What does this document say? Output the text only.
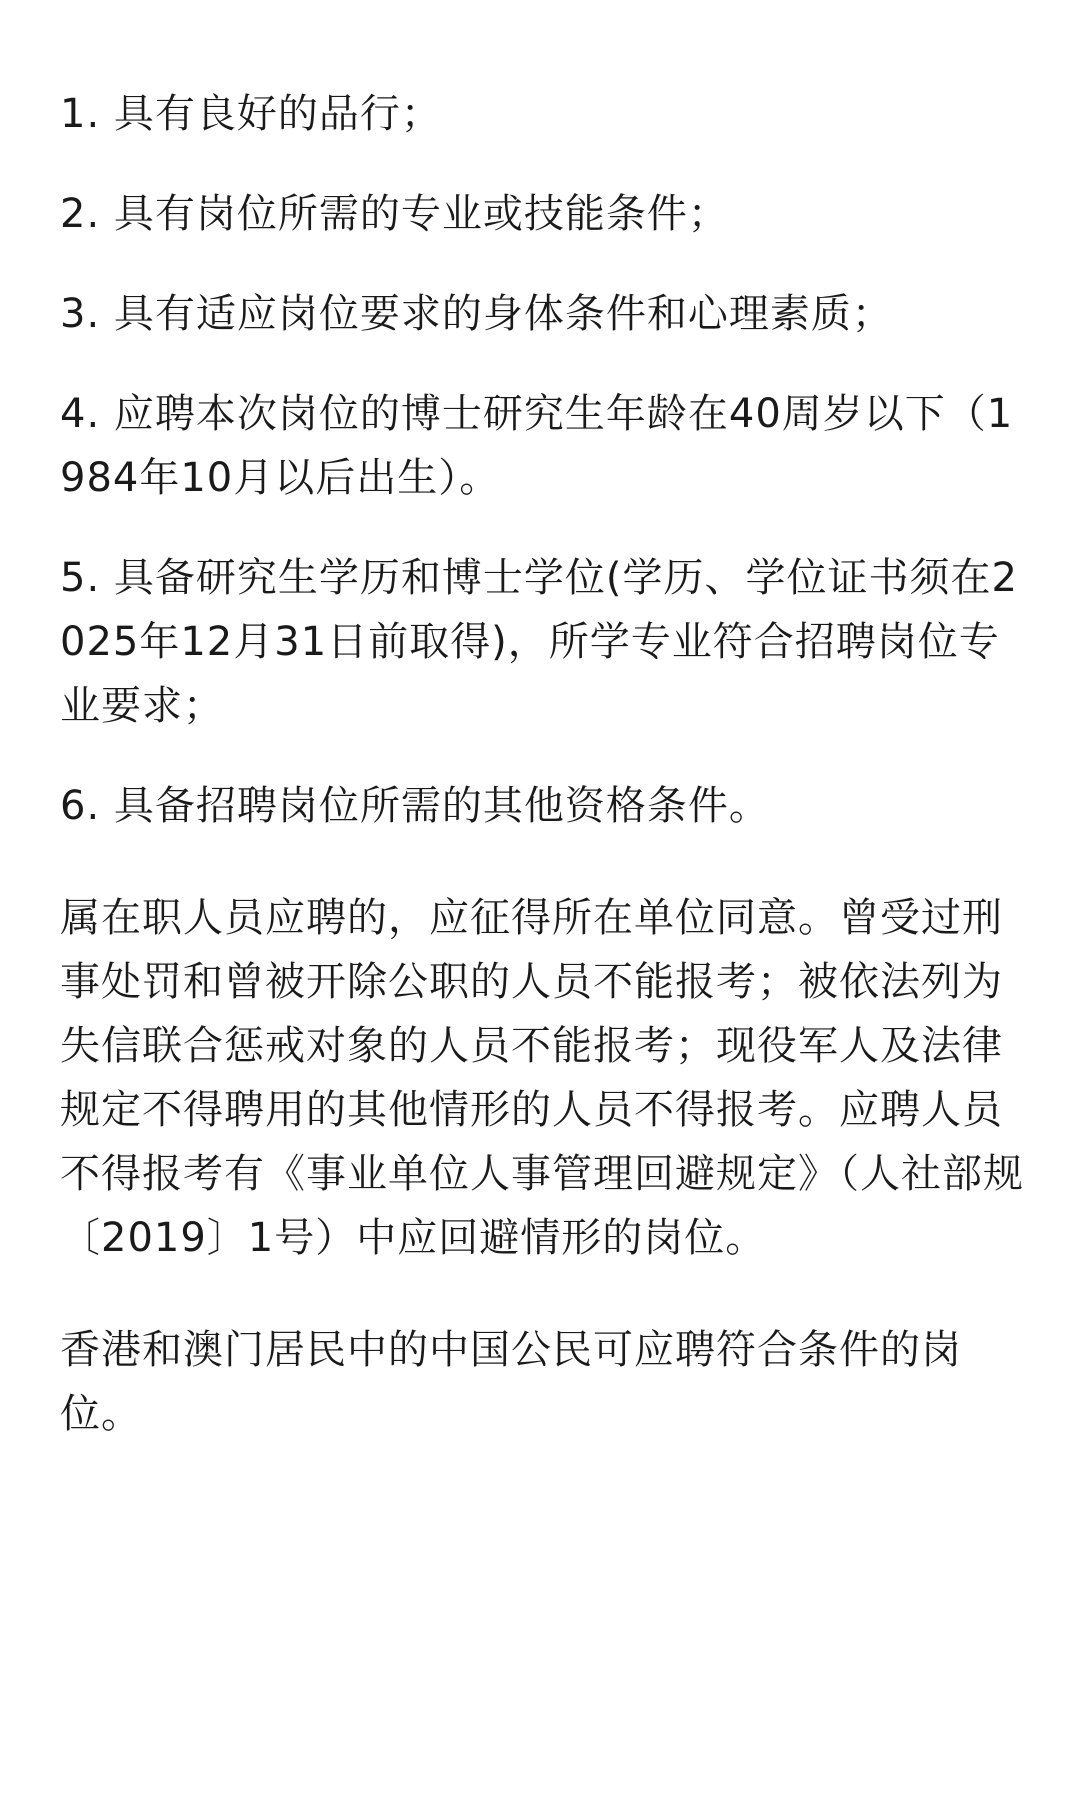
1. 具有良好的品行；

2. 具有岗位所需的专业或技能条件；

3. 具有适应岗位要求的身体条件和心理素质；

4. 应聘本次岗位的博士研究生年龄在40周岁以下（1984年10月以后出生）。

5. 具备研究生学历和博士学位(学历、学位证书须在2025年12月31日前取得)，所学专业符合招聘岗位专业要求；

6. 具备招聘岗位所需的其他资格条件。

属在职人员应聘的，应征得所在单位同意。曾受过刑事处罚和曾被开除公职的人员不能报考；被依法列为失信联合惩戒对象的人员不能报考；现役军人及法律规定不得聘用的其他情形的人员不得报考。应聘人员不得报考有《事业单位人事管理回避规定》（人社部规〔2019〕1号）中应回避情形的岗位。

香港和澳门居民中的中国公民可应聘符合条件的岗位。
